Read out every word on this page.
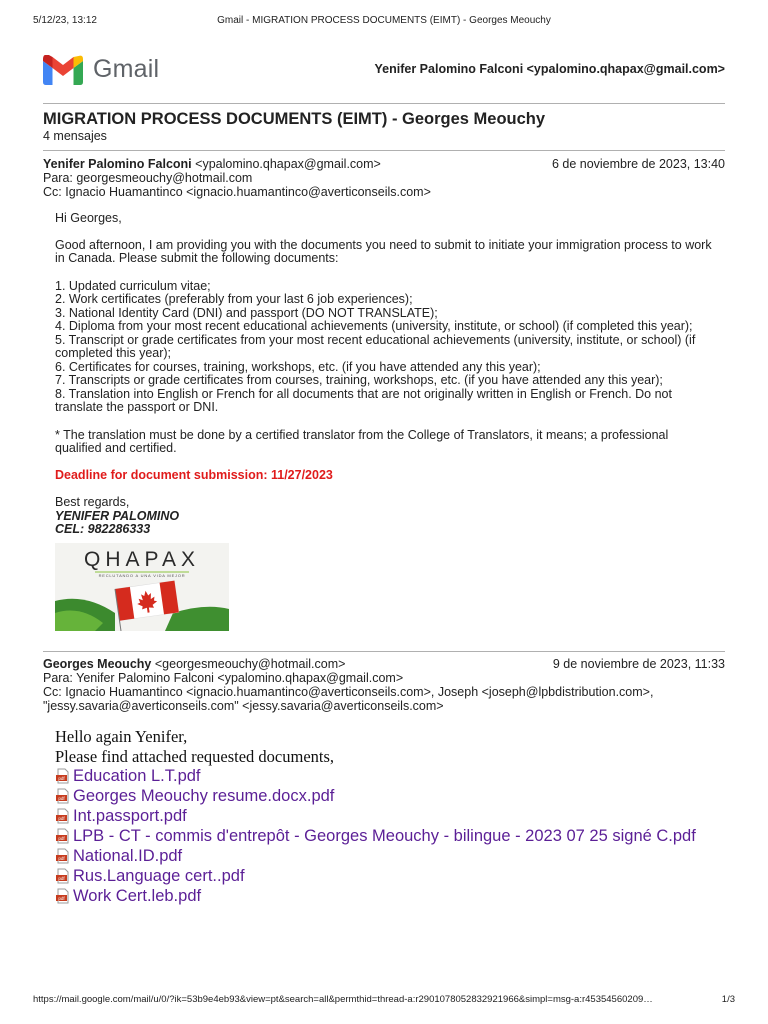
5/12/23, 13:12	Gmail - MIGRATION PROCESS DOCUMENTS (EIMT) - Georges Meouchy
Gmail	Yenifer Palomino Falconi <ypalomino.qhapax@gmail.com>
MIGRATION PROCESS DOCUMENTS (EIMT) - Georges Meouchy
4 mensajes
Yenifer Palomino Falconi <ypalomino.qhapax@gmail.com>	6 de noviembre de 2023, 13:40
Para: georgesmeouchy@hotmail.com
Cc: Ignacio Huamantinco <ignacio.huamantinco@averticonseils.com>

Hi Georges,

Good afternoon, I am providing you with the documents you need to submit to initiate your immigration process to work in Canada. Please submit the following documents:

1. Updated curriculum vitae;

2. Work certificates (preferably from your last 6 job experiences);

3. National Identity Card (DNI) and passport (DO NOT TRANSLATE);

4. Diploma from your most recent educational achievements (university, institute, or school) (if completed this year);

5. Transcript or grade certificates from your most recent educational achievements (university, institute, or school) (if completed this year);

6. Certificates for courses, training, workshops, etc. (if you have attended any this year);

7. Transcripts or grade certificates from courses, training, workshops, etc. (if you have attended any this year);

8. Translation into English or French for all documents that are not originally written in English or French. Do not translate the passport or DNI.

* The translation must be done by a certified translator from the College of Translators, it means; a professional qualified and certified.

Deadline for document submission: 11/27/2023

Best regards,

YENIFER PALOMINO

CEL: 982286333

QHAPAX
RECLUTANDO A UNA VIDA MEJOR
Georges Meouchy <georgesmeouchy@hotmail.com>	9 de noviembre de 2023, 11:33
Para: Yenifer Palomino Falconi <ypalomino.qhapax@gmail.com>
Cc: Ignacio Huamantinco <ignacio.huamantinco@averticonseils.com>, Joseph <joseph@lpbdistribution.com>,
"jessy.savaria@averticonseils.com" <jessy.savaria@averticonseils.com>

Hello again Yenifer,

Please find attached requested documents,

pdf Education L.T.pdf
pdf Georges Meouchy resume.docx.pdf
pdf Int.passport.pdf
pdf LPB - CT - commis d'entrepôt - Georges Meouchy - bilingue - 2023 07 25 signé C.pdf
pdf National.ID.pdf
pdf Rus.Language cert..pdf
pdf Work Cert.leb.pdf
https://mail.google.com/mail/u/0/?ik=53b9e4eb93&view=pt&search=all&permthid=thread-a:r2901078052832921966&simpl=msg-a:r45354560209…	1/3
